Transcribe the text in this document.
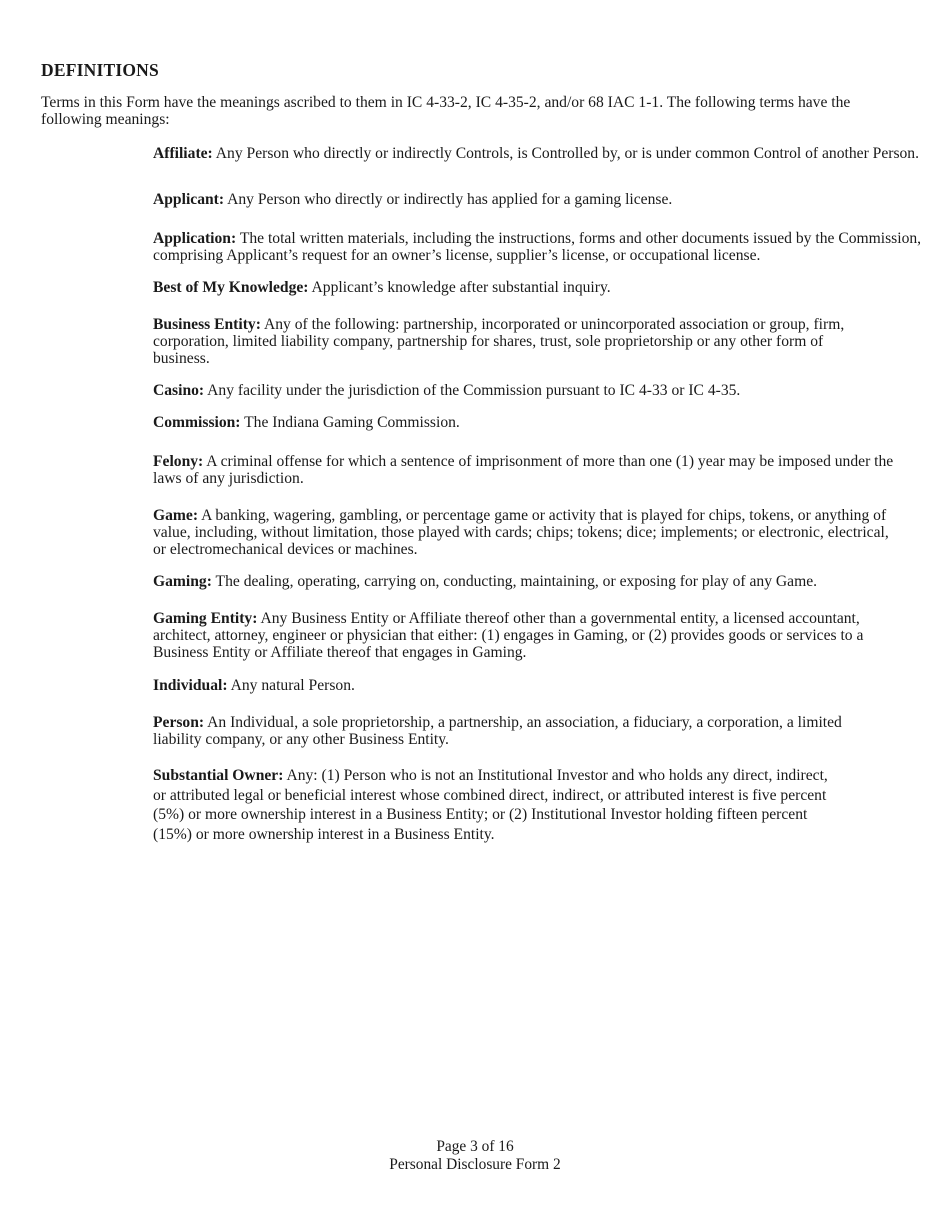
DEFINITIONS
Terms in this Form have the meanings ascribed to them in IC 4-33-2, IC 4-35-2, and/or 68 IAC 1-1. The following terms have the following meanings:
Affiliate: Any Person who directly or indirectly Controls, is Controlled by, or is under common Control of another Person.
Applicant: Any Person who directly or indirectly has applied for a gaming license.
Application: The total written materials, including the instructions, forms and other documents issued by the Commission, comprising Applicant’s request for an owner’s license, supplier’s license, or occupational license.
Best of My Knowledge: Applicant’s knowledge after substantial inquiry.
Business Entity: Any of the following: partnership, incorporated or unincorporated association or group, firm, corporation, limited liability company, partnership for shares, trust, sole proprietorship or any other form of business.
Casino: Any facility under the jurisdiction of the Commission pursuant to IC 4-33 or IC 4-35.
Commission: The Indiana Gaming Commission.
Felony: A criminal offense for which a sentence of imprisonment of more than one (1) year may be imposed under the laws of any jurisdiction.
Game: A banking, wagering, gambling, or percentage game or activity that is played for chips, tokens, or anything of value, including, without limitation, those played with cards; chips; tokens; dice; implements; or electronic, electrical, or electromechanical devices or machines.
Gaming: The dealing, operating, carrying on, conducting, maintaining, or exposing for play of any Game.
Gaming Entity: Any Business Entity or Affiliate thereof other than a governmental entity, a licensed accountant, architect, attorney, engineer or physician that either: (1) engages in Gaming, or (2) provides goods or services to a Business Entity or Affiliate thereof that engages in Gaming.
Individual: Any natural Person.
Person: An Individual, a sole proprietorship, a partnership, an association, a fiduciary, a corporation, a limited liability company, or any other Business Entity.
Substantial Owner: Any: (1) Person who is not an Institutional Investor and who holds any direct, indirect, or attributed legal or beneficial interest whose combined direct, indirect, or attributed interest is five percent (5%) or more ownership interest in a Business Entity; or (2) Institutional Investor holding fifteen percent (15%) or more ownership interest in a Business Entity.
Page 3 of 16
Personal Disclosure Form 2
